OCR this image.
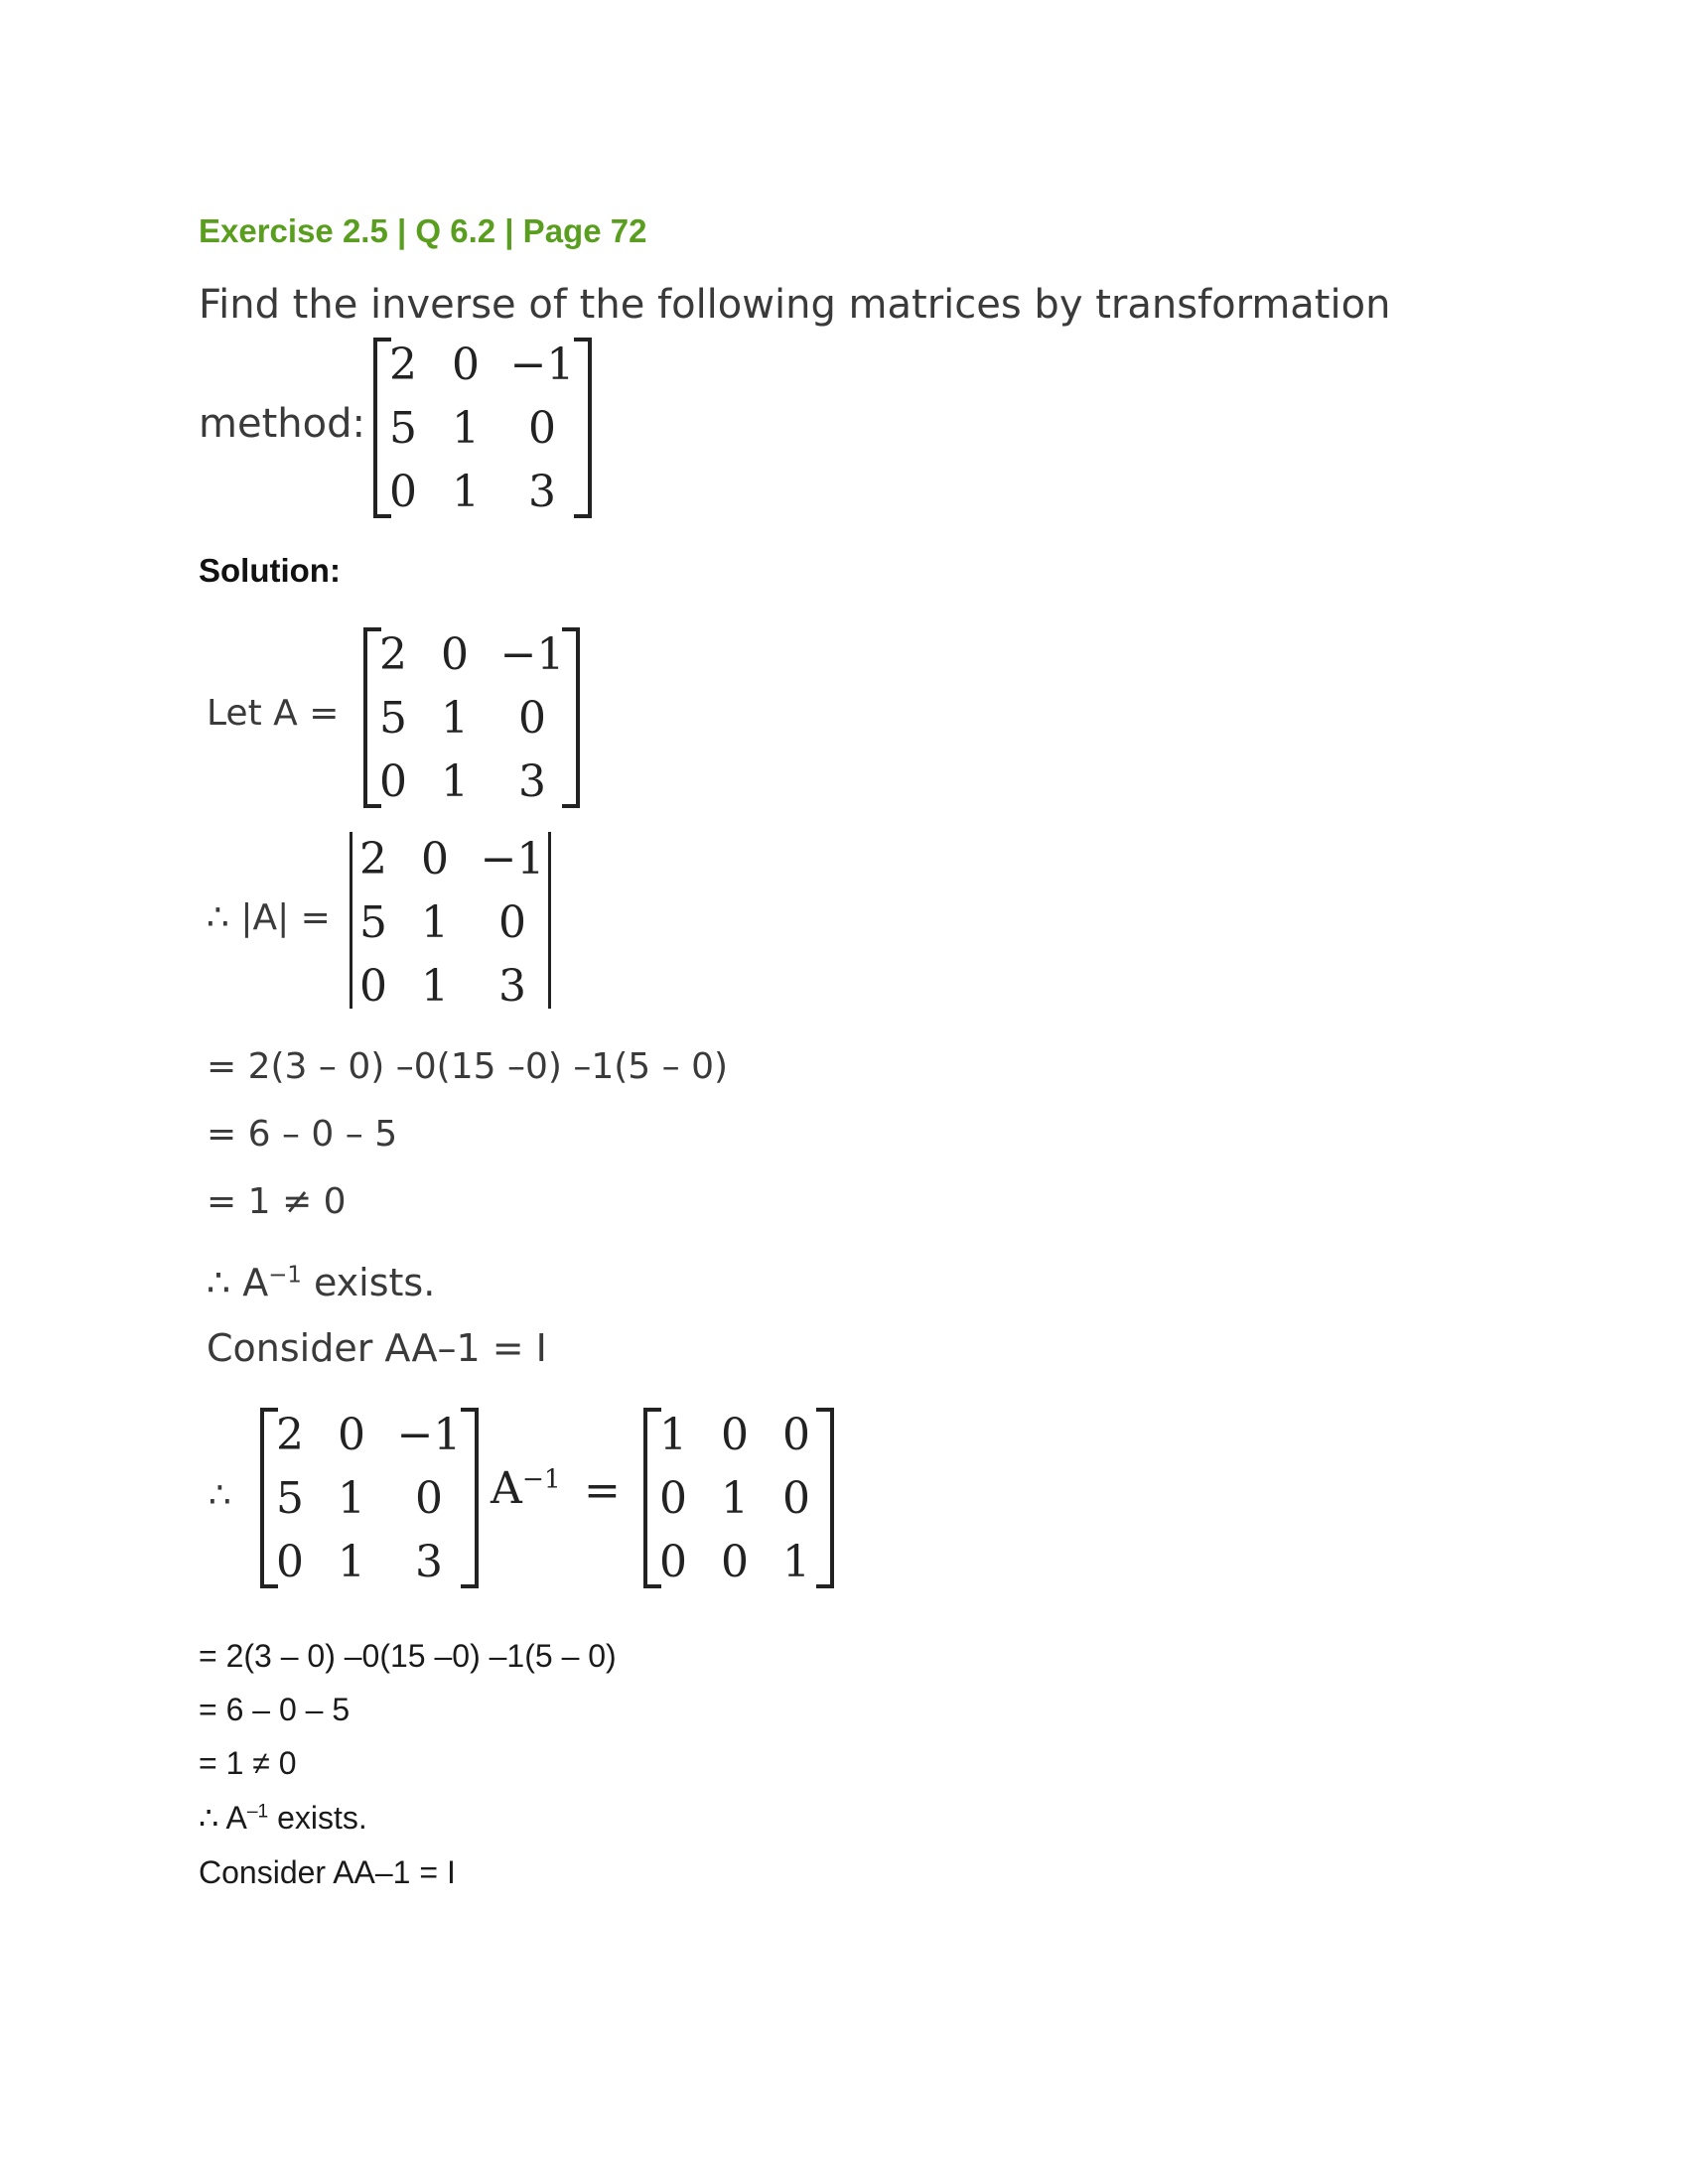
Exercise 2.5 | Q 6.2 | Page 72
Find the inverse of the following matrices by transformation
method:
2 0 −1
5 1 0
0 1 3
Solution:
Let A =
2 0 −1
5 1 0
0 1 3
∴ |A| =
2 0 −1
5 1 0
0 1 3
= 2(3 – 0) –0(15 –0) –1(5 – 0)
= 6 – 0 – 5
= 1 ≠ 0
∴ $A^{-1}$ exists.
Consider AA–1 = I
∴
2 0 −1
5 1 0
0 1 3
$A^{-1}$ =
1 0 0
0 1 0
0 0 1
= 2(3 – 0) –0(15 –0) –1(5 – 0)
= 6 – 0 – 5
= 1 ≠ 0
∴ $A^{-1}$ exists.
Consider AA–1 = I
